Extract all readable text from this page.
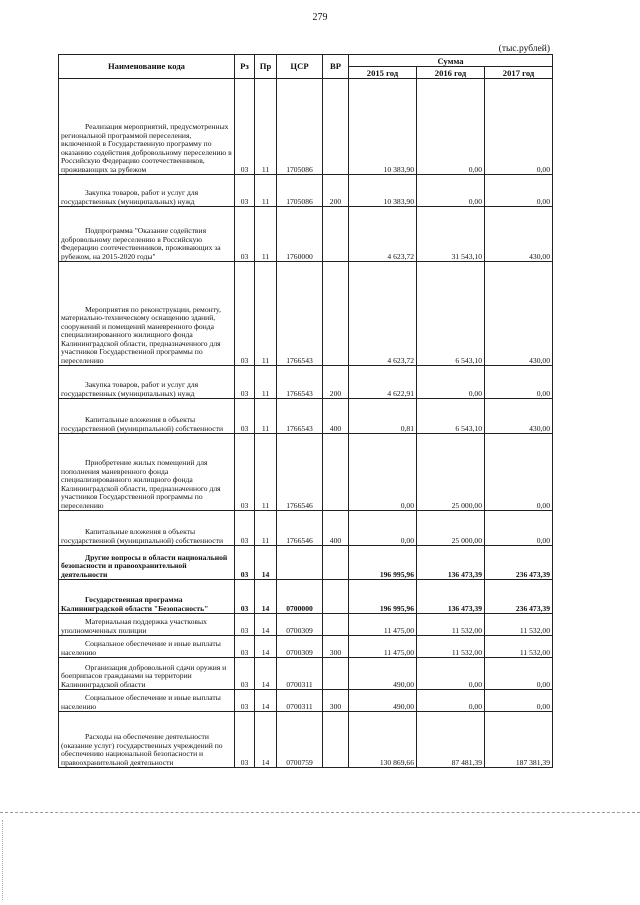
279
(тыс.рублей)
Наименование кода	Рз	Пр	ЦСР	ВР	Сумма		
					2015 год	2016 год	2017 год
Реализация мероприятий, предусмотренных региональной программой переселения, включенной в Государственную программу по оказанию содействия добровольному переселению в Российскую Федерацию соотечественников, проживающих за рубежом	03	11	1705086		10 383,90	0,00	0,00
Закупка товаров, работ и услуг для государственных (муниципальных) нужд	03	11	1705086	200	10 383,90	0,00	0,00
Подпрограмма "Оказание содействия добровольному переселению в Российскую Федерацию соотечественников, проживающих за рубежом, на 2015-2020 годы"	03	11	1760000		4 623,72	31 543,10	430,00
Мероприятия по реконструкции, ремонту, материально-техническому оснащению зданий, сооружений и помещений маневренного фонда специализированного жилищного фонда Калининградской области, предназначенного для участников Государственной программы по переселению	03	11	1766543		4 623,72	6 543,10	430,00
Закупка товаров, работ и услуг для государственных (муниципальных) нужд	03	11	1766543	200	4 622,91	0,00	0,00
Капитальные вложения в объекты государственной (муниципальной) собственности	03	11	1766543	400	0,81	6 543,10	430,00
Приобретение жилых помещений для пополнения маневренного фонда специализированного жилищного фонда Калининградской области, предназначенного для участников Государственной программы по переселению	03	11	1766546		0,00	25 000,00	0,00
Капитальные вложения в объекты государственной (муниципальной) собственности	03	11	1766546	400	0,00	25 000,00	0,00
Другие вопросы в области национальной безопасности и правоохранительной деятельности	03	14			196 995,96	136 473,39	236 473,39
Государственная программа Калининградской области "Безопасность"	03	14	0700000		196 995,96	136 473,39	236 473,39
Материальная поддержка участковых уполномоченных полиции	03	14	0700309		11 475,00	11 532,00	11 532,00
Социальное обеспечение и иные выплаты населению	03	14	0700309	300	11 475,00	11 532,00	11 532,00
Организация добровольной сдачи оружия и боеприпасов гражданами на территории Калининградской области	03	14	0700311		490,00	0,00	0,00
Социальное обеспечение и иные выплаты населению	03	14	0700311	300	490,00	0,00	0,00
Расходы на обеспечение деятельности (оказание услуг) государственных учреждений по обеспечению национальной безопасности и правоохранительной деятельности	03	14	0700759		130 869,66	87 481,39	187 381,39
